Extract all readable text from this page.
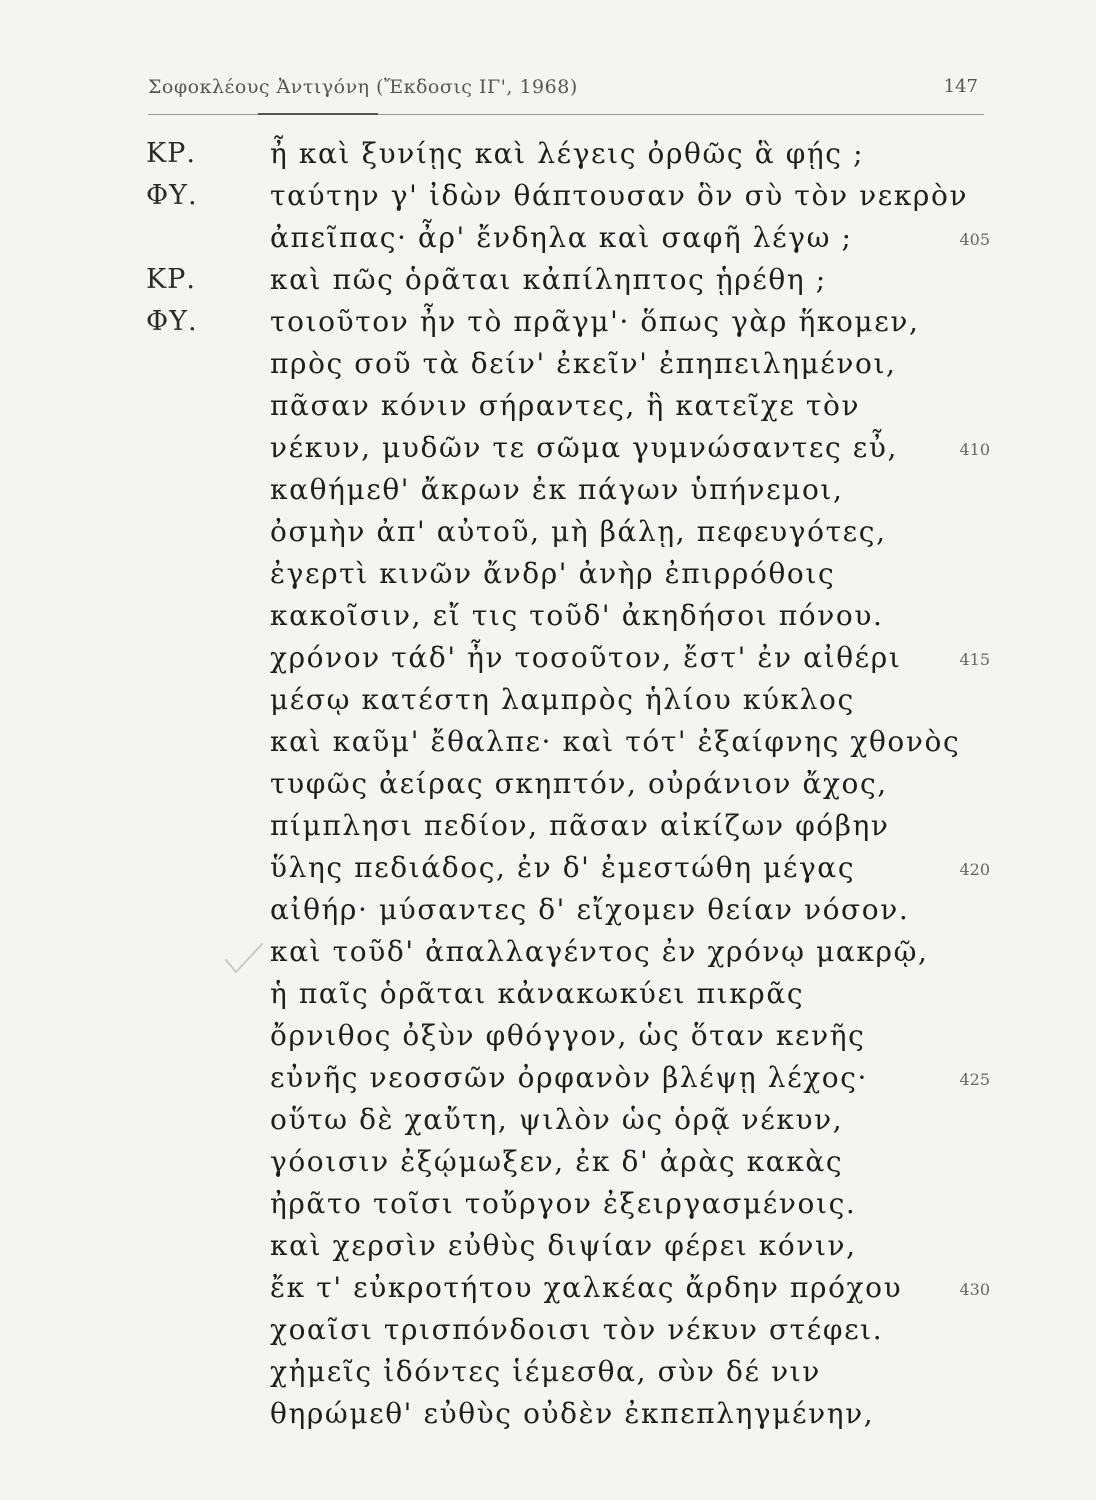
Σοφοκλέους Ἀντιγόνη (Ἔκδοσις ΙΓ', 1968)	147
ΚΡ.	ἦ καὶ ξυνίῃς καὶ λέγεις ὀρθῶς ἃ φῄς ;
ΦΥ.	ταύτην γ' ἰδὼν θάπτουσαν ὃν σὺ τὸν νεκρὸν
ἀπεῖπας· ἆρ' ἔνδηλα καὶ σαφῆ λέγω ;	405
ΚΡ.	καὶ πῶς ὁρᾶται κἀπίληπτος ᾑρέθη ;
ΦΥ.	τοιοῦτον ἦν τὸ πρᾶγμ'· ὅπως γὰρ ἥκομεν,
πρὸς σοῦ τὰ δείν' ἐκεῖν' ἐπηπειλημένοι,
πᾶσαν κόνιν σήραντες, ἣ κατεῖχε τὸν
νέκυν, μυδῶν τε σῶμα γυμνώσαντες εὖ,	410
καθήμεθ' ἄκρων ἐκ πάγων ὑπήνεμοι,
ὀσμὴν ἀπ' αὐτοῦ, μὴ βάλῃ, πεφευγότες,
ἐγερτὶ κινῶν ἄνδρ' ἀνὴρ ἐπιρρόθοις
κακοῖσιν, εἴ τις τοῦδ' ἀκηδήσοι πόνου.
χρόνον τάδ' ἦν τοσοῦτον, ἔστ' ἐν αἰθέρι	415
μέσῳ κατέστη λαμπρὸς ἡλίου κύκλος
καὶ καῦμ' ἔθαλπε· καὶ τότ' ἐξαίφνης χθονὸς
τυφῶς ἀείρας σκηπτόν, οὐράνιον ἄχος,
πίμπλησι πεδίον, πᾶσαν αἰκίζων φόβην
ὕλης πεδιάδος, ἐν δ' ἐμεστώθη μέγας	420
αἰθήρ· μύσαντες δ' εἴχομεν θείαν νόσον.
καὶ τοῦδ' ἀπαλλαγέντος ἐν χρόνῳ μακρῷ,
ἡ παῖς ὁρᾶται κἀνακωκύει πικρᾶς
ὄρνιθος ὀξὺν φθόγγον, ὡς ὅταν κενῆς
εὐνῆς νεοσσῶν ὀρφανὸν βλέψῃ λέχος·	425
οὕτω δὲ χαὔτη, ψιλὸν ὡς ὁρᾷ νέκυν,
γόοισιν ἐξῴμωξεν, ἐκ δ' ἀρὰς κακὰς
ἠρᾶτο τοῖσι τοὔργον ἐξειργασμένοις.
καὶ χερσὶν εὐθὺς διψίαν φέρει κόνιν,
ἔκ τ' εὐκροτήτου χαλκέας ἄρδην πρόχου	430
χοαῖσι τρισπόνδοισι τὸν νέκυν στέφει.
χἠμεῖς ἰδόντες ἱέμεσθα, σὺν δέ νιν
θηρώμεθ' εὐθὺς οὐδὲν ἐκπεπληγμένην,
